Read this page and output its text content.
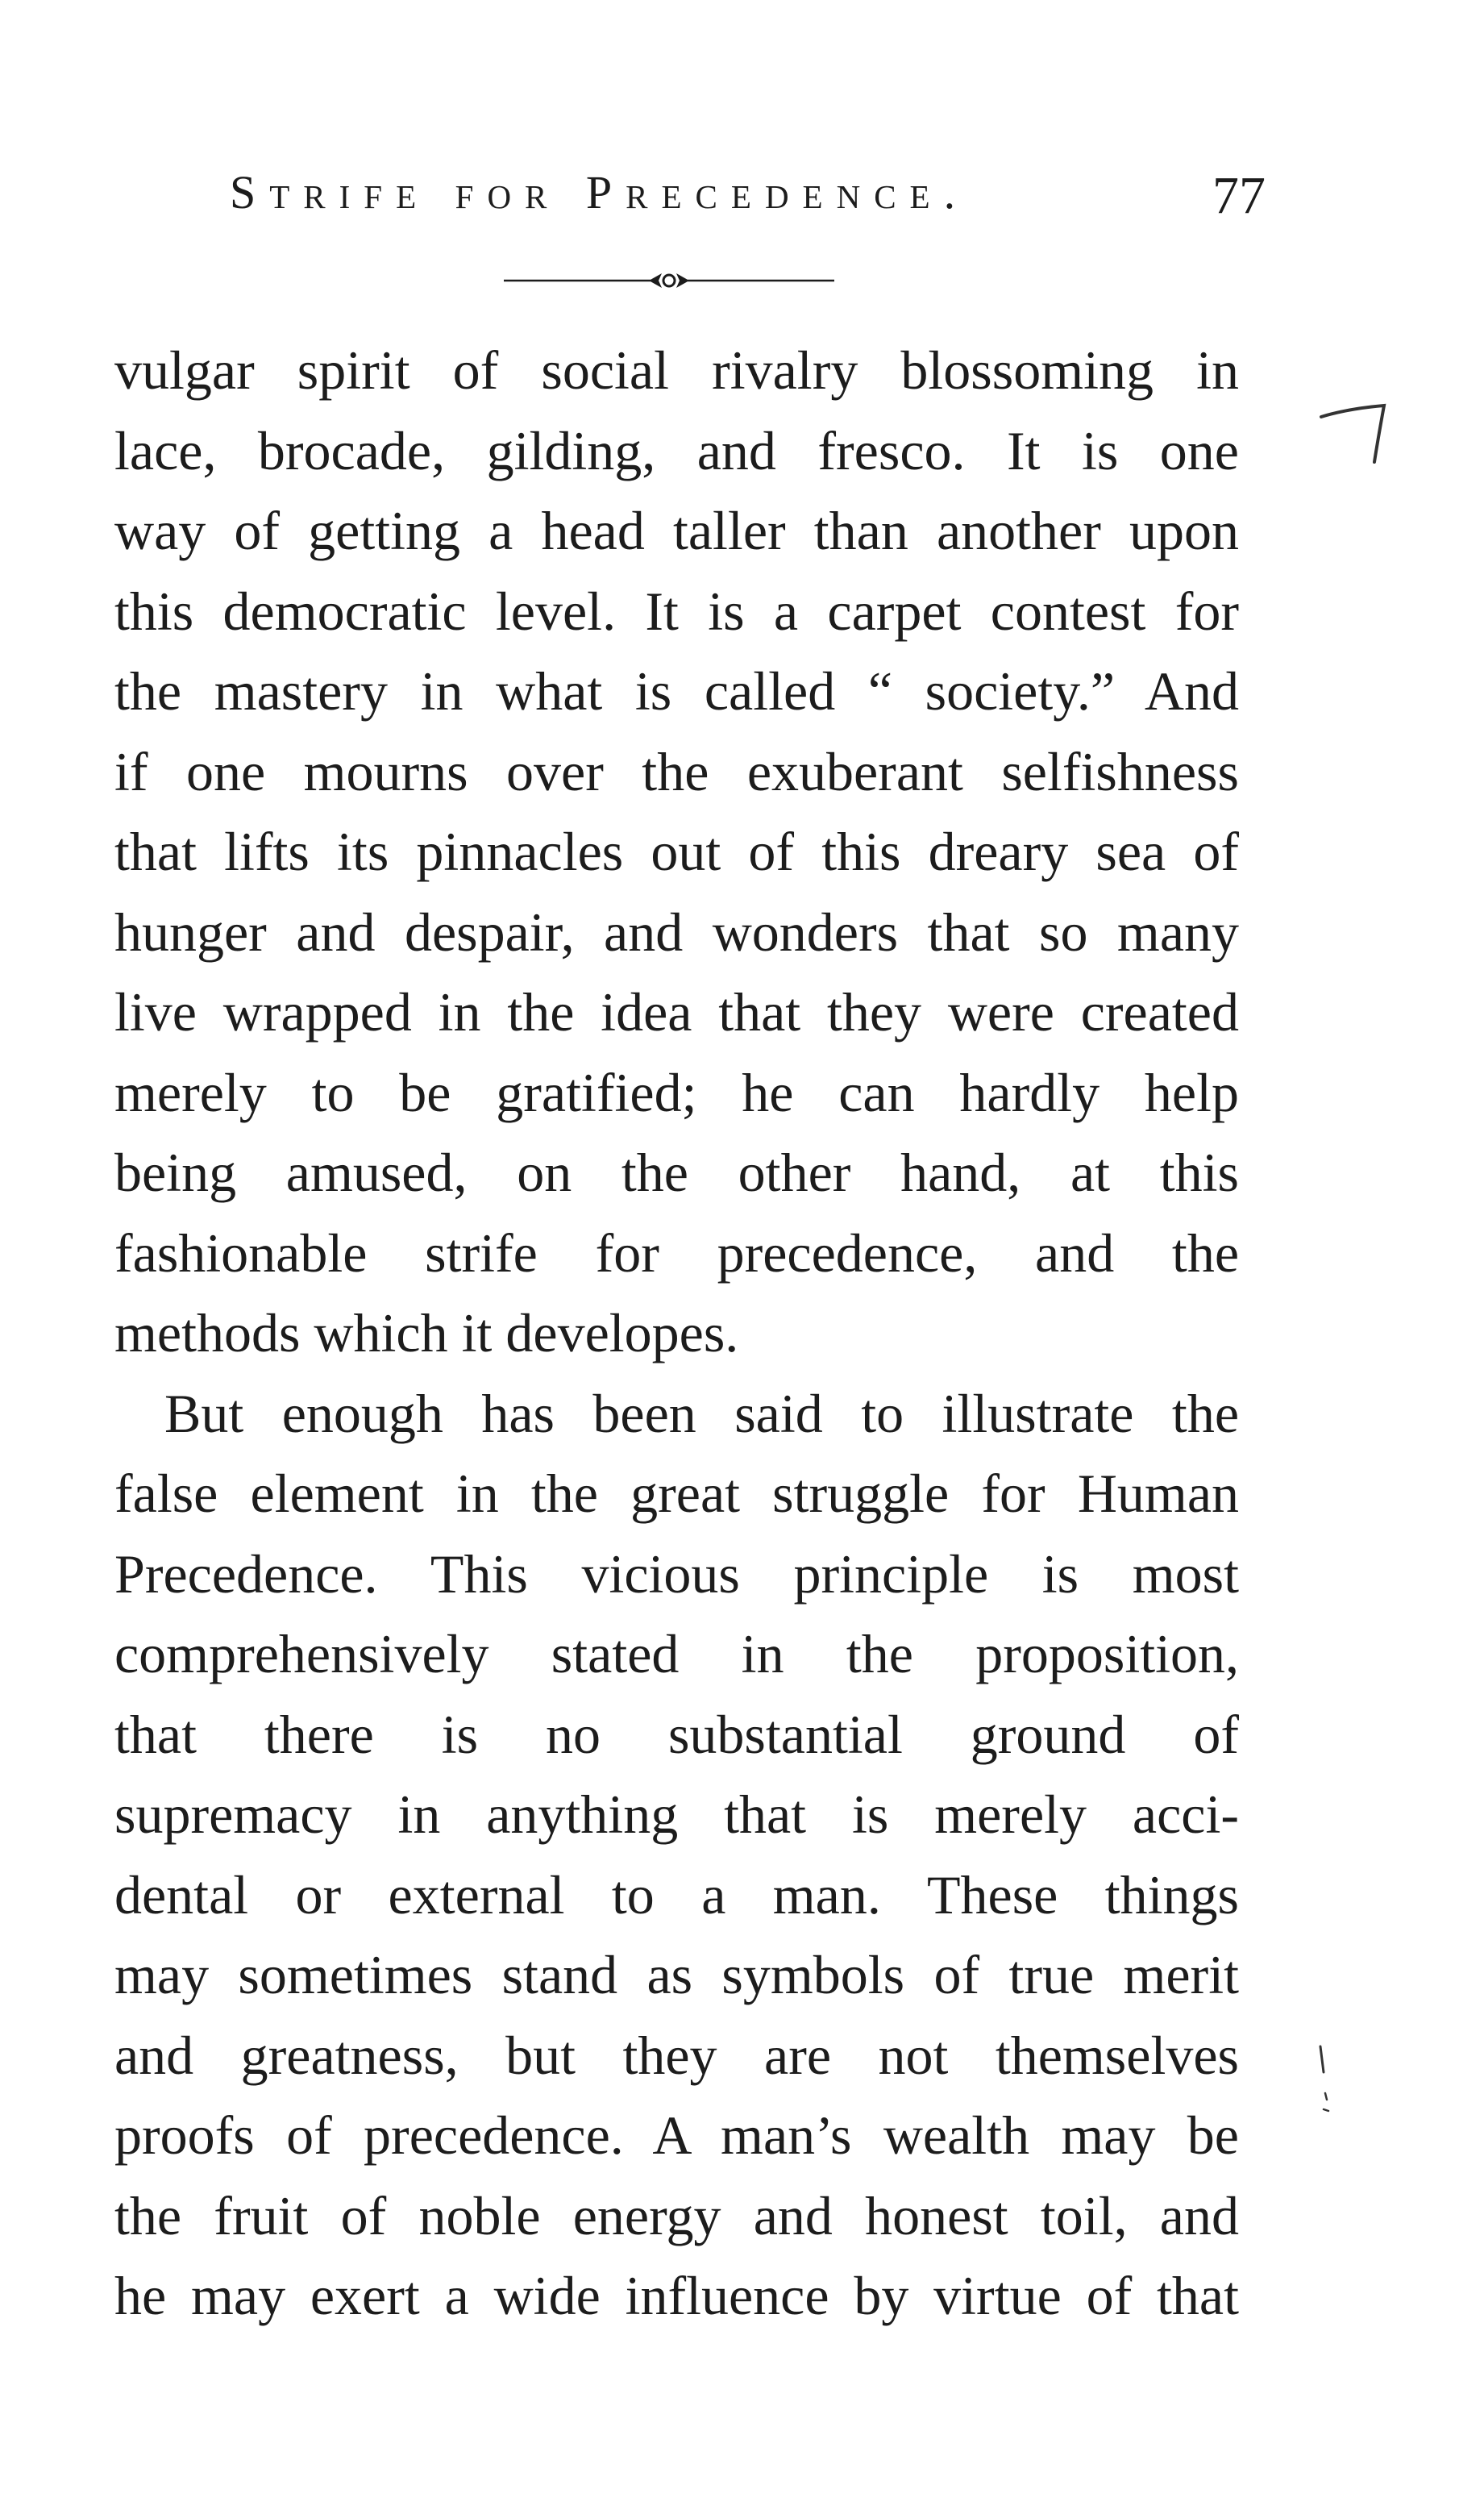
Strife for Precedence.	77
vulgar spirit of social rivalry blossoming in
lace, brocade, gilding, and fresco. It is one
way of getting a head taller than another upon
this democratic level. It is a carpet contest for
the mastery in what is called “ society.” And
if one mourns over the exuberant selfishness
that lifts its pinnacles out of this dreary sea of
hunger and despair, and wonders that so many
live wrapped in the idea that they were created
merely to be gratified; he can hardly help
being amused, on the other hand, at this
fashionable strife for precedence, and the
methods which it developes.
But enough has been said to illustrate the
false element in the great struggle for Human
Precedence. This vicious principle is most
comprehensively stated in the proposition,
that there is no substantial ground of
supremacy in anything that is merely acci-
dental or external to a man. These things
may sometimes stand as symbols of true merit
and greatness, but they are not themselves
proofs of precedence. A man’s wealth may be
the fruit of noble energy and honest toil, and
he may exert a wide influence by virtue of that
